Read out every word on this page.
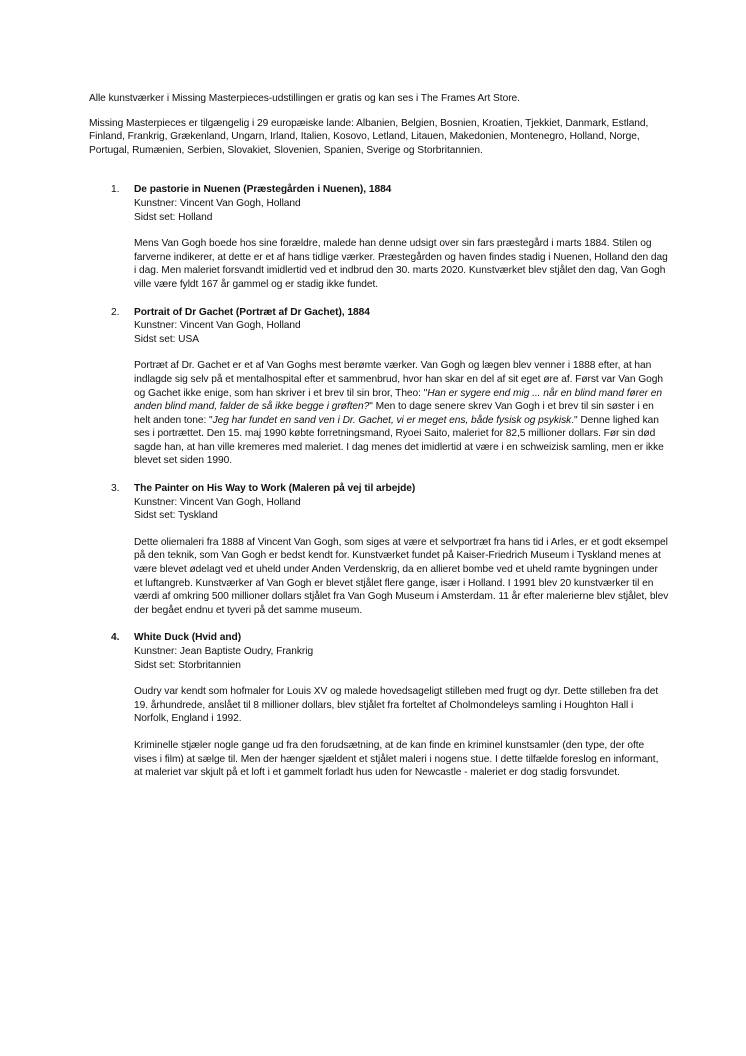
Alle kunstværker i Missing Masterpieces-udstillingen er gratis og kan ses i The Frames Art Store.

Missing Masterpieces er tilgængelig i 29 europæiske lande: Albanien, Belgien, Bosnien, Kroatien, Tjekkiet, Danmark, Estland, Finland, Frankrig, Grækenland, Ungarn, Irland, Italien, Kosovo, Letland, Litauen, Makedonien, Montenegro, Holland, Norge, Portugal, Rumænien, Serbien, Slovakiet, Slovenien, Spanien, Sverige og Storbritannien.

1. De pastorie in Nuenen (Præstegården i Nuenen), 1884

Kunstner: Vincent Van Gogh, Holland

Sidst set: Holland

Mens Van Gogh boede hos sine forældre, malede han denne udsigt over sin fars præstegård i marts 1884. Stilen og farverne indikerer, at dette er et af hans tidlige værker. Præstegården og haven findes stadig i Nuenen, Holland den dag i dag. Men maleriet forsvandt imidlertid ved et indbrud den 30. marts 2020. Kunstværket blev stjålet den dag, Van Gogh ville være fyldt 167 år gammel og er stadig ikke fundet.

2. Portrait of Dr Gachet (Portræt af Dr Gachet), 1884

Kunstner: Vincent Van Gogh, Holland

Sidst set: USA

Portræt af Dr. Gachet er et af Van Goghs mest berømte værker. Van Gogh og lægen blev venner i 1888 efter, at han indlagde sig selv på et mentalhospital efter et sammenbrud, hvor han skar en del af sit eget øre af. Først var Van Gogh og Gachet ikke enige, som han skriver i et brev til sin bror, Theo: "Han er sygere end mig ... når en blind mand fører en anden blind mand, falder de så ikke begge i grøften?" Men to dage senere skrev Van Gogh i et brev til sin søster i en helt anden tone: "Jeg har fundet en sand ven i Dr. Gachet, vi er meget ens, både fysisk og psykisk." Denne lighed kan ses i portrættet. Den 15. maj 1990 købte forretningsmand, Ryoei Saito, maleriet for 82,5 millioner dollars. Før sin død sagde han, at han ville kremeres med maleriet. I dag menes det imidlertid at være i en schweizisk samling, men er ikke blevet set siden 1990.

3. The Painter on His Way to Work (Maleren på vej til arbejde)

Kunstner: Vincent Van Gogh, Holland

Sidst set: Tyskland

Dette oliemaleri fra 1888 af Vincent Van Gogh, som siges at være et selvportræt fra hans tid i Arles, er et godt eksempel på den teknik, som Van Gogh er bedst kendt for. Kunstværket fundet på Kaiser-Friedrich Museum i Tyskland menes at være blevet ødelagt ved et uheld under Anden Verdenskrig, da en allieret bombe ved et uheld ramte bygningen under et luftangreb. Kunstværker af Van Gogh er blevet stjålet flere gange, især i Holland. I 1991 blev 20 kunstværker til en værdi af omkring 500 millioner dollars stjålet fra Van Gogh Museum i Amsterdam. 11 år efter malerierne blev stjålet, blev der begået endnu et tyveri på det samme museum.

4. White Duck (Hvid and)

Kunstner: Jean Baptiste Oudry, Frankrig

Sidst set: Storbritannien

Oudry var kendt som hofmaler for Louis XV og malede hovedsageligt stilleben med frugt og dyr. Dette stilleben fra det 19. århundrede, anslået til 8 millioner dollars, blev stjålet fra forteltet af Cholmondeleys samling i Houghton Hall i Norfolk, England i 1992.

Kriminelle stjæler nogle gange ud fra den forudsætning, at de kan finde en kriminel kunstsamler (den type, der ofte vises i film) at sælge til. Men der hænger sjældent et stjålet maleri i nogens stue. I dette tilfælde foreslog en informant, at maleriet var skjult på et loft i et gammelt forladt hus uden for Newcastle - maleriet er dog stadig forsvundet.
